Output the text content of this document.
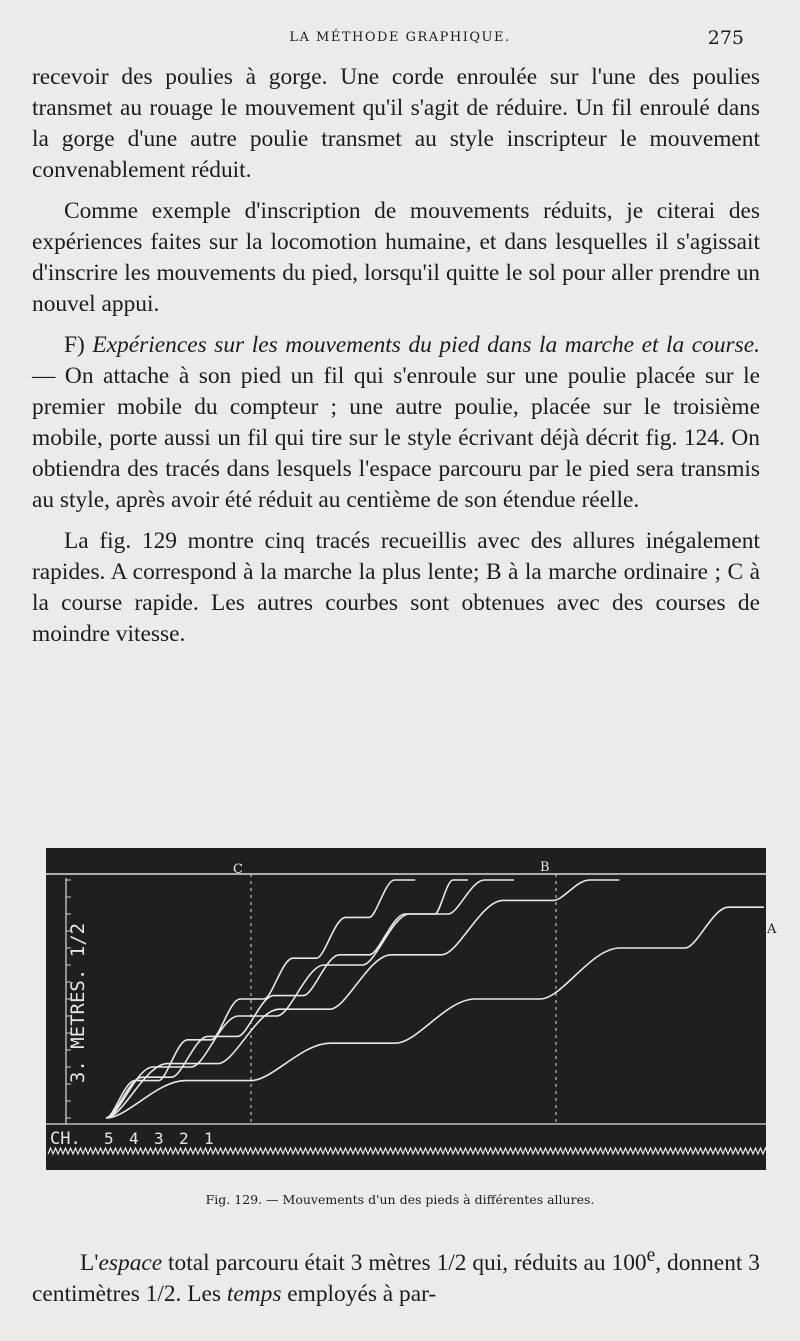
LA MÉTHODE GRAPHIQUE.	275

recevoir des poulies à gorge. Une corde enroulée sur l'une des poulies transmet au rouage le mouvement qu'il s'agit de réduire. Un fil enroulé dans la gorge d'une autre poulie transmet au style inscripteur le mouvement convenablement réduit.

Comme exemple d'inscription de mouvements réduits, je citerai des expériences faites sur la locomotion humaine, et dans lesquelles il s'agissait d'inscrire les mouvements du pied, lorsqu'il quitte le sol pour aller prendre un nouvel appui.

F) Expériences sur les mouvements du pied dans la marche et la course. — On attache à son pied un fil qui s'enroule sur une poulie placée sur le premier mobile du compteur ; une autre poulie, placée sur le troisième mobile, porte aussi un fil qui tire sur le style écrivant déjà décrit fig. 124. On obtiendra des tracés dans lesquels l'espace parcouru par le pied sera transmis au style, après avoir été réduit au centième de son étendue réelle.

La fig. 129 montre cinq tracés recueillis avec des allures inégalement rapides. A correspond à la marche la plus lente; B à la marche ordinaire ; C à la course rapide. Les autres courbes sont obtenues avec des courses de moindre vitesse.

3. METRES. 1/2
C	B
CH. 5 4 3 2 1
A
Fig. 129. — Mouvements d'un des pieds à différentes allures.

L'espace total parcouru était 3 mètres 1/2 qui, réduits au 100e, donnent 3 centimètres 1/2. Les temps employés à par-
